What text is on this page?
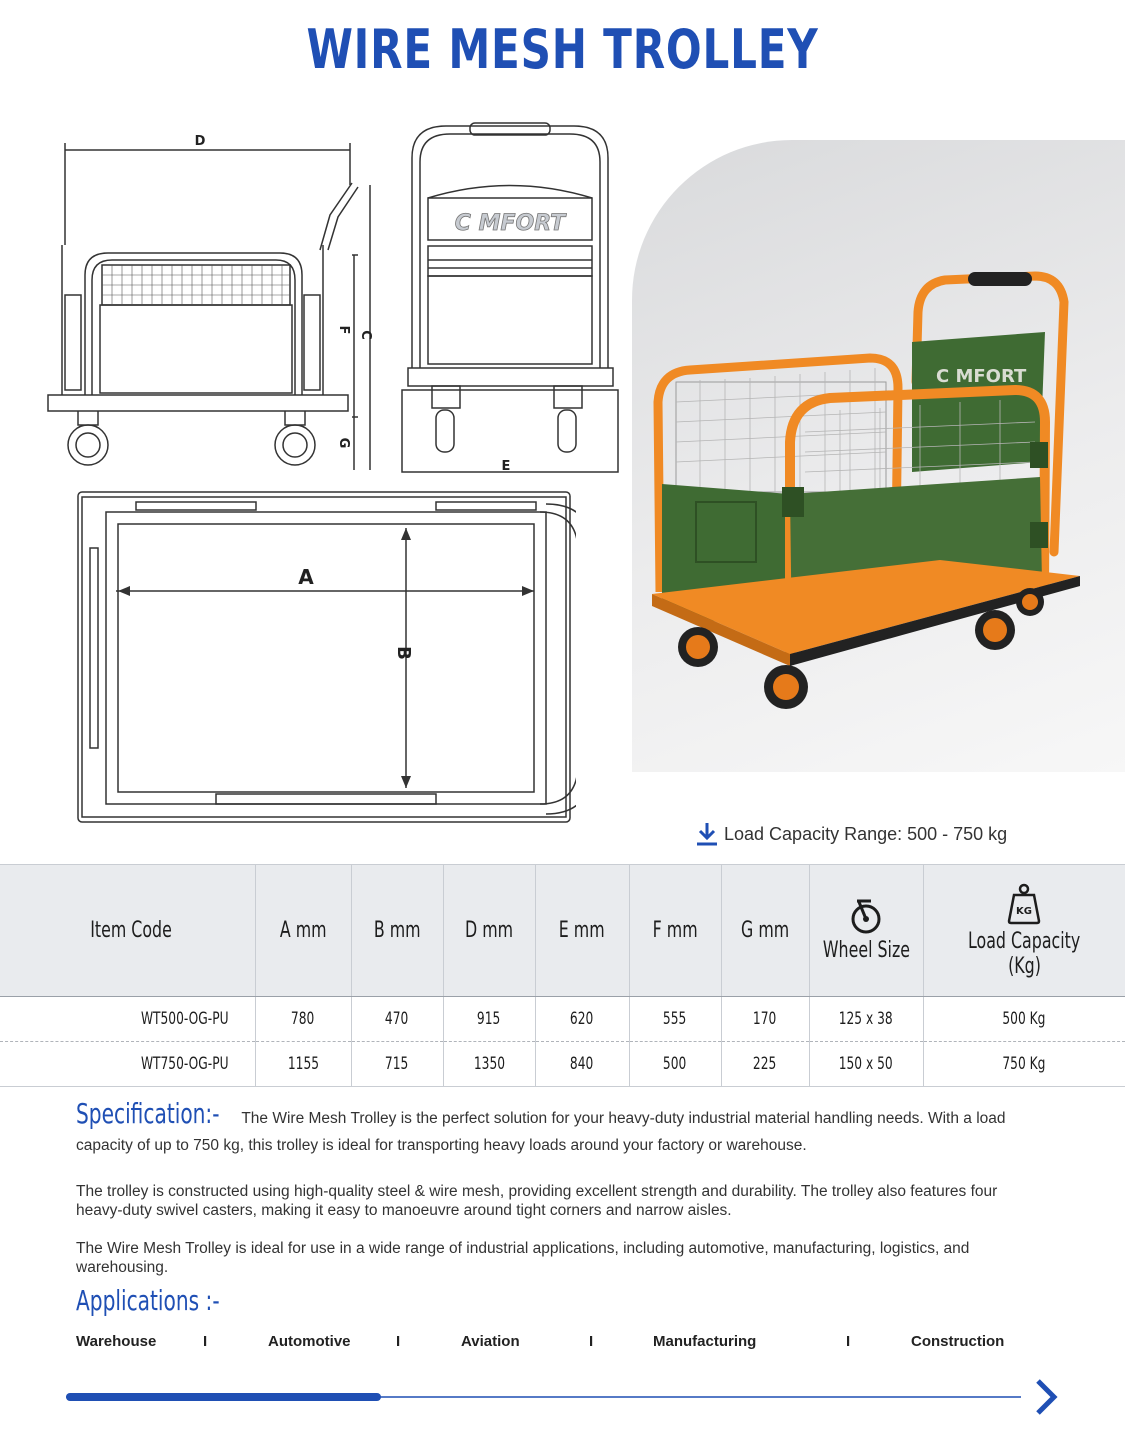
WIRE MESH TROLLEY
D
F
C
G
C MFORT
E
A
B
C MFORT
Load Capacity Range: 500 - 750 kg
Item Code	A mm	B mm	D mm	E mm	F mm	G mm	Wheel Size	KG
Load Capacity
(Kg)
WT500-OG-PU	780	470	915	620	555	170	125 x 38	500 Kg
WT750-OG-PU	1155	715	1350	840	500	225	150 x 50	750 Kg
Specification:- The Wire Mesh Trolley is the perfect solution for your heavy-duty industrial material handling needs. With a load capacity of up to 750 kg, this trolley is ideal for transporting heavy loads around your factory or warehouse.
The trolley is constructed using high-quality steel & wire mesh, providing excellent strength and durability. The trolley also features four heavy-duty swivel casters, making it easy to manoeuvre around tight corners and narrow aisles.
The Wire Mesh Trolley is ideal for use in a wide range of industrial applications, including automotive, manufacturing, logistics, and warehousing.
Applications :-
Warehouse	I	Automotive	I	Aviation	I	Manufacturing	I	Construction
